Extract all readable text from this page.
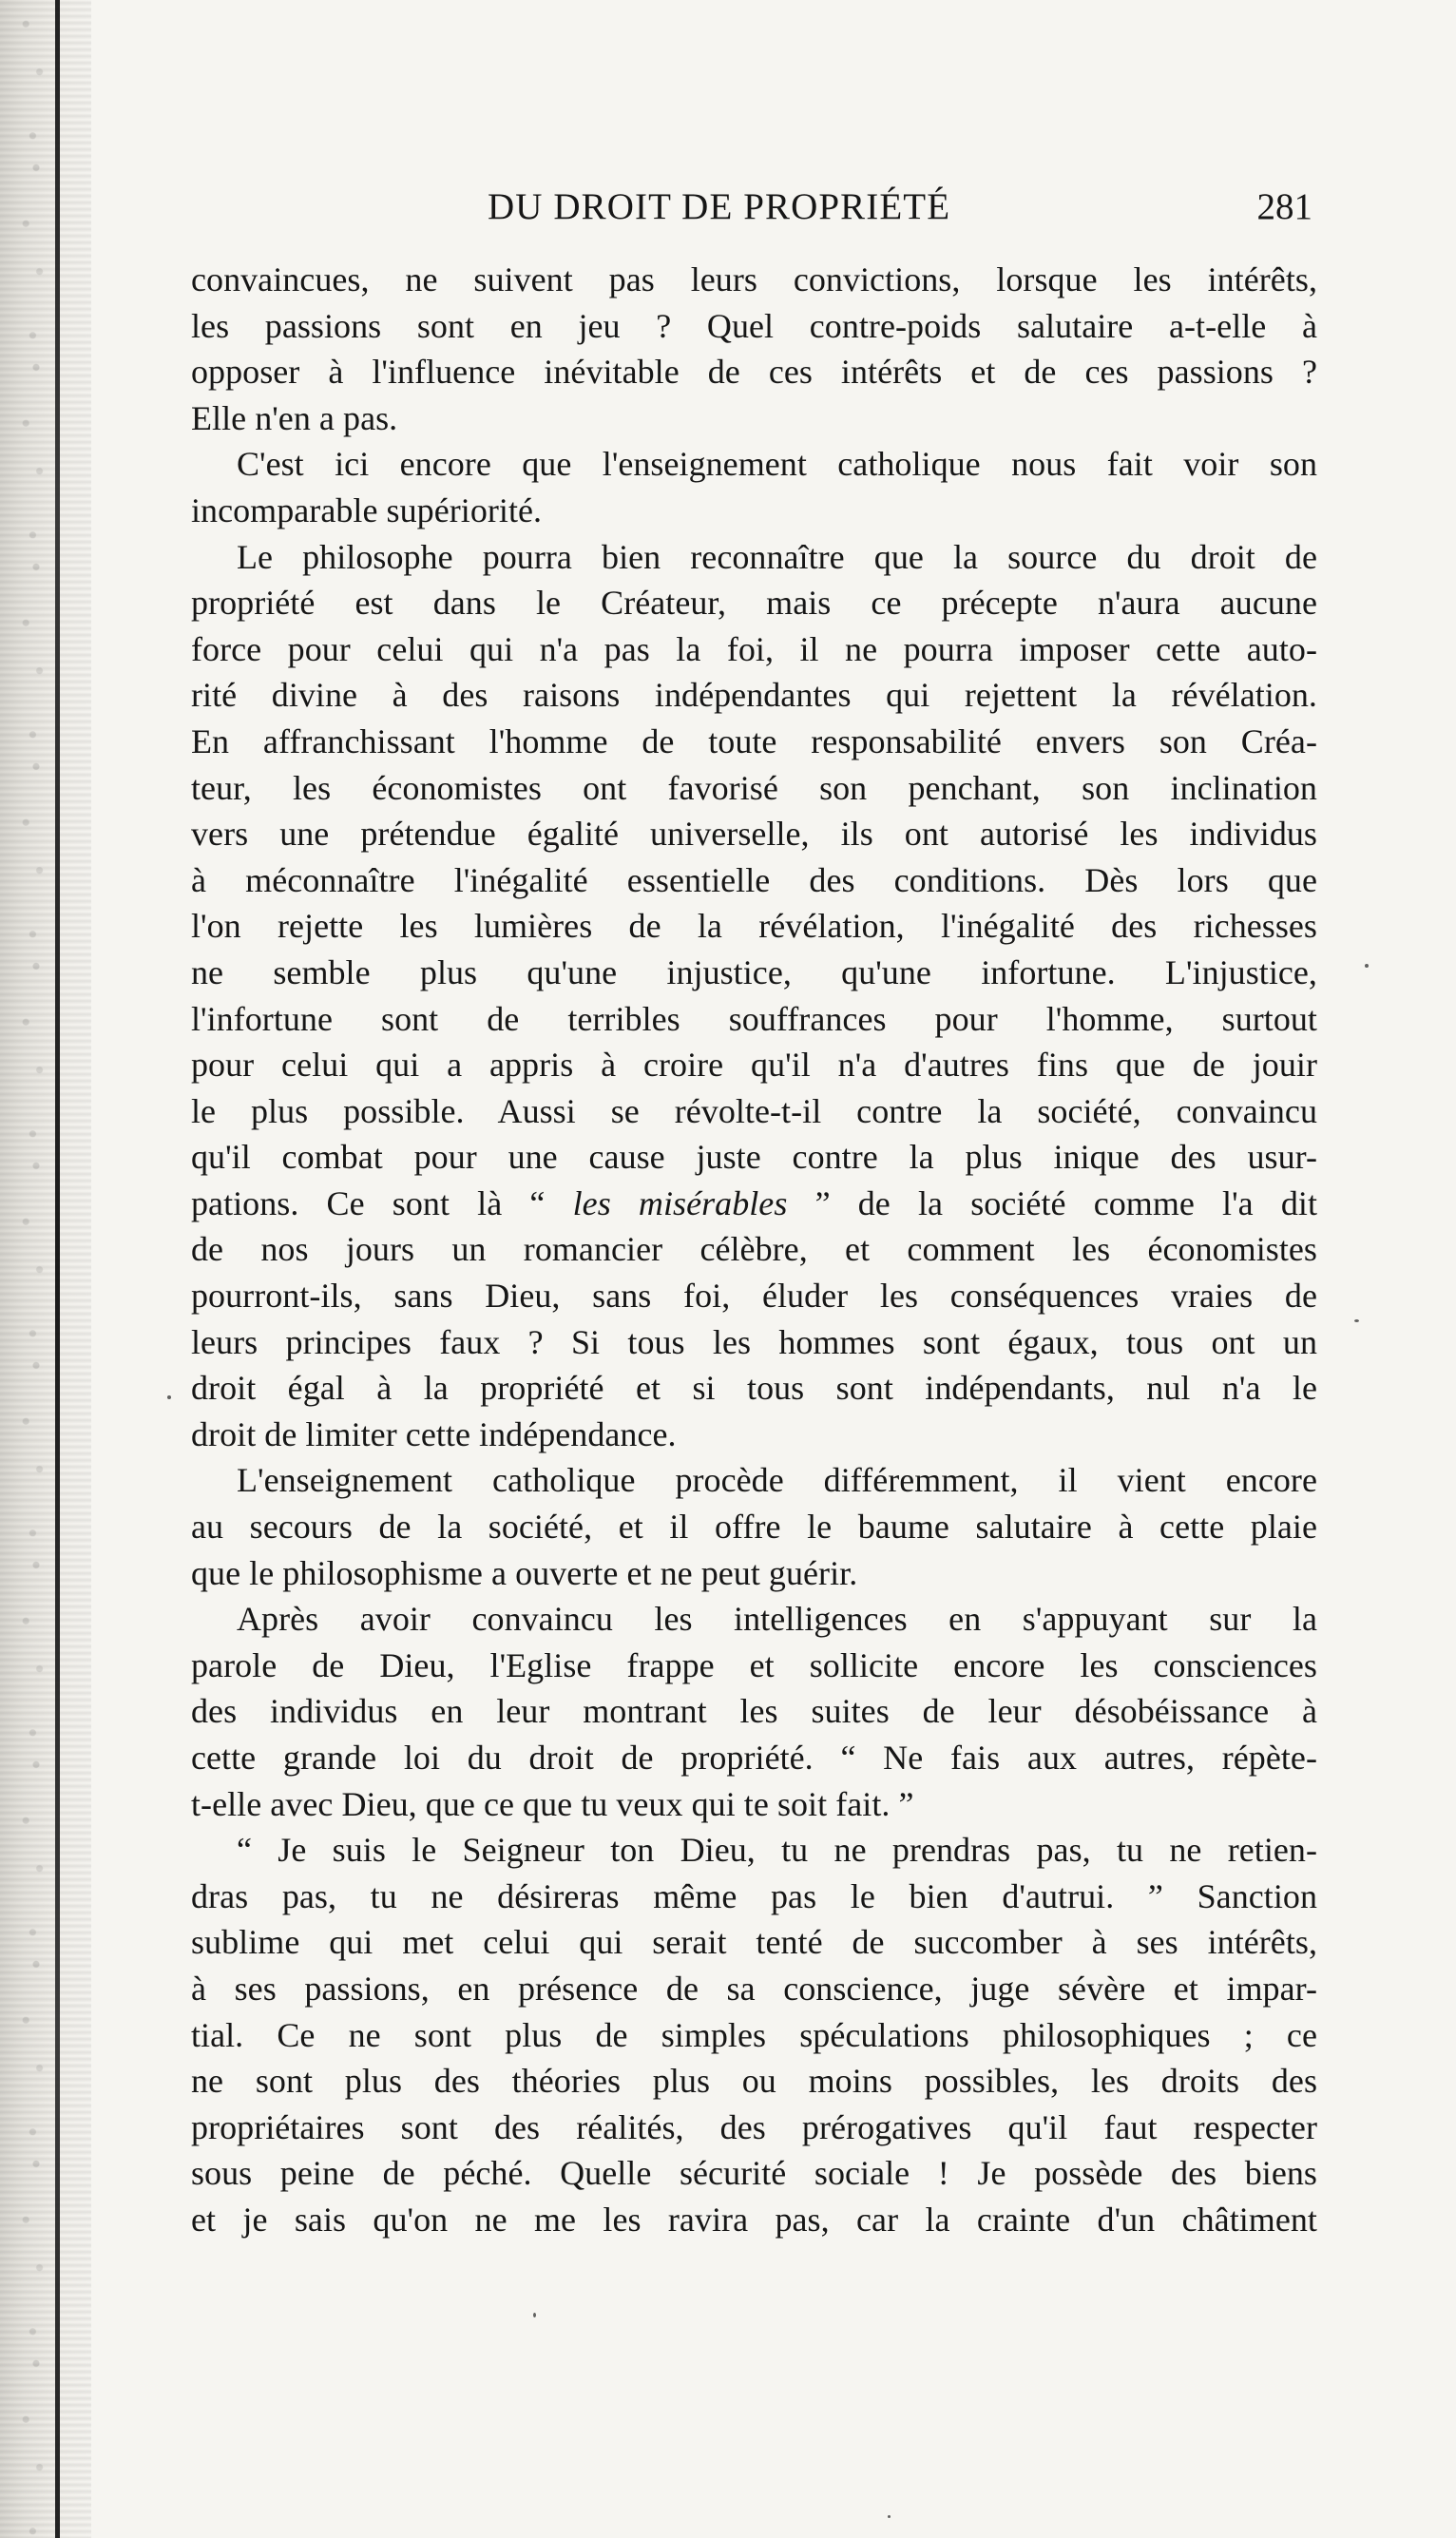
DU DROIT DE PROPRIÉTÉ	281
convaincues, ne suivent pas leurs convictions, lorsque les intérêts,
les passions sont en jeu ? Quel contre-poids salutaire a-t-elle à
opposer à l'influence inévitable de ces intérêts et de ces passions ?
Elle n'en a pas.
C'est ici encore que l'enseignement catholique nous fait voir son
incomparable supériorité.
Le philosophe pourra bien reconnaître que la source du droit de
propriété est dans le Créateur, mais ce précepte n'aura aucune
force pour celui qui n'a pas la foi, il ne pourra imposer cette auto-
rité divine à des raisons indépendantes qui rejettent la révélation.
En affranchissant l'homme de toute responsabilité envers son Créa-
teur, les économistes ont favorisé son penchant, son inclination
vers une prétendue égalité universelle, ils ont autorisé les individus
à méconnaître l'inégalité essentielle des conditions. Dès lors que
l'on rejette les lumières de la révélation, l'inégalité des richesses
ne semble plus qu'une injustice, qu'une infortune. L'injustice,
l'infortune sont de terribles souffrances pour l'homme, surtout
pour celui qui a appris à croire qu'il n'a d'autres fins que de jouir
le plus possible. Aussi se révolte-t-il contre la société, convaincu
qu'il combat pour une cause juste contre la plus inique des usur-
pations. Ce sont là “ les misérables ” de la société comme l'a dit
de nos jours un romancier célèbre, et comment les économistes
pourront-ils, sans Dieu, sans foi, éluder les conséquences vraies de
leurs principes faux ? Si tous les hommes sont égaux, tous ont un
droit égal à la propriété et si tous sont indépendants, nul n'a le
droit de limiter cette indépendance.
L'enseignement catholique procède différemment, il vient encore
au secours de la société, et il offre le baume salutaire à cette plaie
que le philosophisme a ouverte et ne peut guérir.
Après avoir convaincu les intelligences en s'appuyant sur la
parole de Dieu, l'Eglise frappe et sollicite encore les consciences
des individus en leur montrant les suites de leur désobéissance à
cette grande loi du droit de propriété. “ Ne fais aux autres, répète-
t-elle avec Dieu, que ce que tu veux qui te soit fait. ”
“ Je suis le Seigneur ton Dieu, tu ne prendras pas, tu ne retien-
dras pas, tu ne désireras même pas le bien d'autrui. ” Sanction
sublime qui met celui qui serait tenté de succomber à ses intérêts,
à ses passions, en présence de sa conscience, juge sévère et impar-
tial. Ce ne sont plus de simples spéculations philosophiques ; ce
ne sont plus des théories plus ou moins possibles, les droits des
propriétaires sont des réalités, des prérogatives qu'il faut respecter
sous peine de péché. Quelle sécurité sociale ! Je possède des biens
et je sais qu'on ne me les ravira pas, car la crainte d'un châtiment
